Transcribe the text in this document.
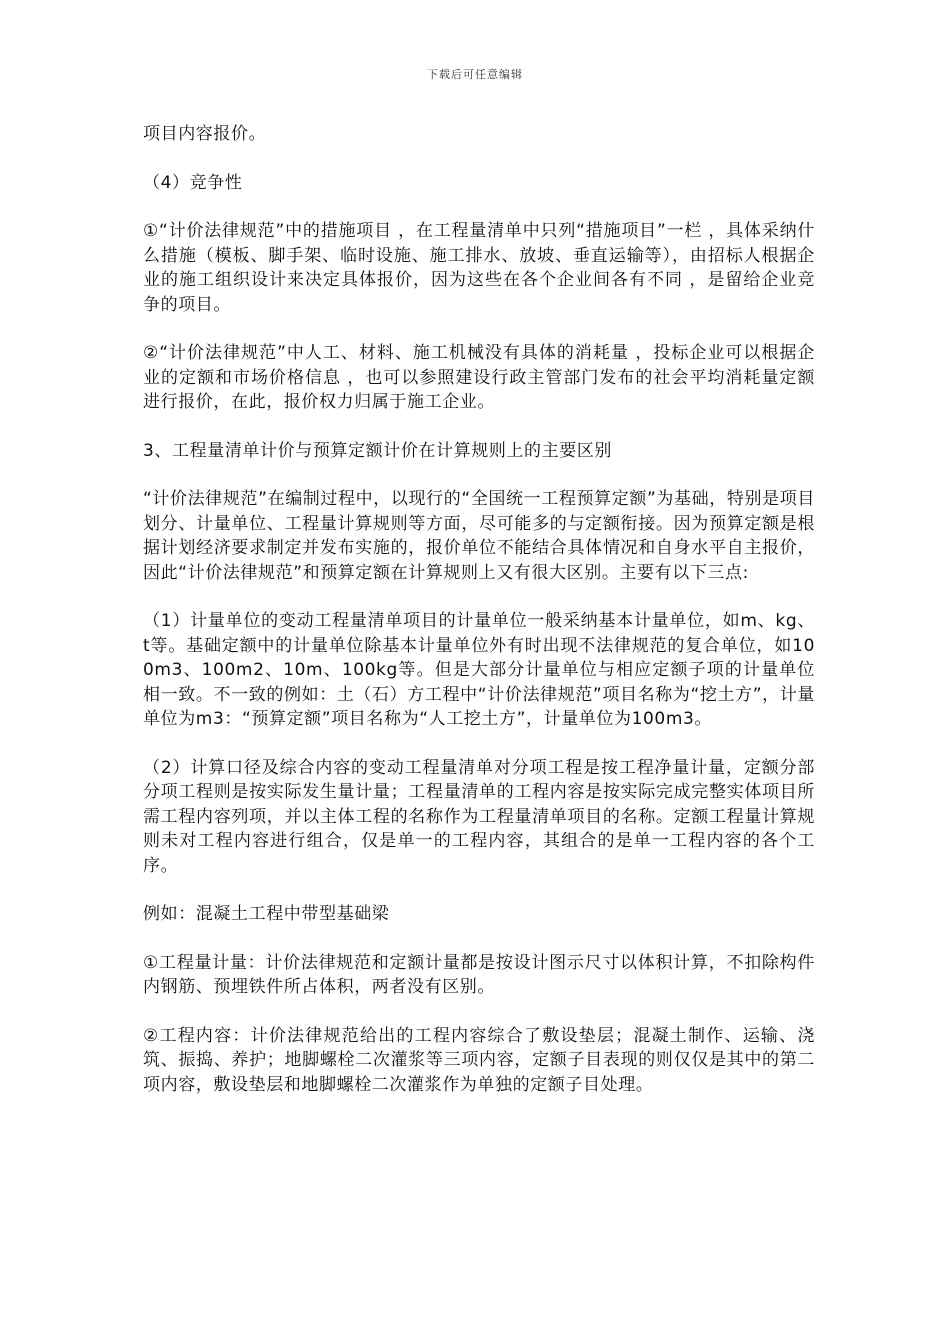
下载后可任意编辑

项目内容报价。

（4）竞争性

①“计价法律规范”中的措施项目 ，在工程量清单中只列“措施项目”一栏 ，具体采纳什么措施（模板、脚手架、临时设施、施工排水、放坡、垂直运输等），由招标人根据企业的施工组织设计来决定具体报价，因为这些在各个企业间各有不同 ，是留给企业竞争的项目。

②“计价法律规范”中人工、材料、施工机械没有具体的消耗量 ，投标企业可以根据企业的定额和市场价格信息 ，也可以参照建设行政主管部门发布的社会平均消耗量定额进行报价，在此，报价权力归属于施工企业。

3、工程量清单计价与预算定额计价在计算规则上的主要区别

“计价法律规范”在编制过程中，以现行的“全国统一工程预算定额”为基础，特别是项目划分、计量单位、工程量计算规则等方面，尽可能多的与定额衔接。因为预算定额是根据计划经济要求制定并发布实施的，报价单位不能结合具体情况和自身水平自主报价，因此“计价法律规范”和预算定额在计算规则上又有很大区别。主要有以下三点:

（1）计量单位的变动工程量清单项目的计量单位一般采纳基本计量单位，如m、kg、t等。基础定额中的计量单位除基本计量单位外有时出现不法律规范的复合单位，如100m3、100m2、10m、100kg等。但是大部分计量单位与相应定额子项的计量单位相一致。不一致的例如：土（石）方工程中“计价法律规范”项目名称为“挖土方”，计量单位为m3：“预算定额”项目名称为“人工挖土方”，计量单位为100m3。

（2）计算口径及综合内容的变动工程量清单对分项工程是按工程净量计量，定额分部分项工程则是按实际发生量计量；工程量清单的工程内容是按实际完成完整实体项目所需工程内容列项，并以主体工程的名称作为工程量清单项目的名称。定额工程量计算规则未对工程内容进行组合，仅是单一的工程内容，其组合的是单一工程内容的各个工序。

例如：混凝土工程中带型基础梁

①工程量计量：计价法律规范和定额计量都是按设计图示尺寸以体积计算，不扣除构件内钢筋、预埋铁件所占体积，两者没有区别。

②工程内容：计价法律规范给出的工程内容综合了敷设垫层；混凝土制作、运输、浇筑、振捣、养护；地脚螺栓二次灌浆等三项内容，定额子目表现的则仅仅是其中的第二项内容，敷设垫层和地脚螺栓二次灌浆作为单独的定额子目处理。
